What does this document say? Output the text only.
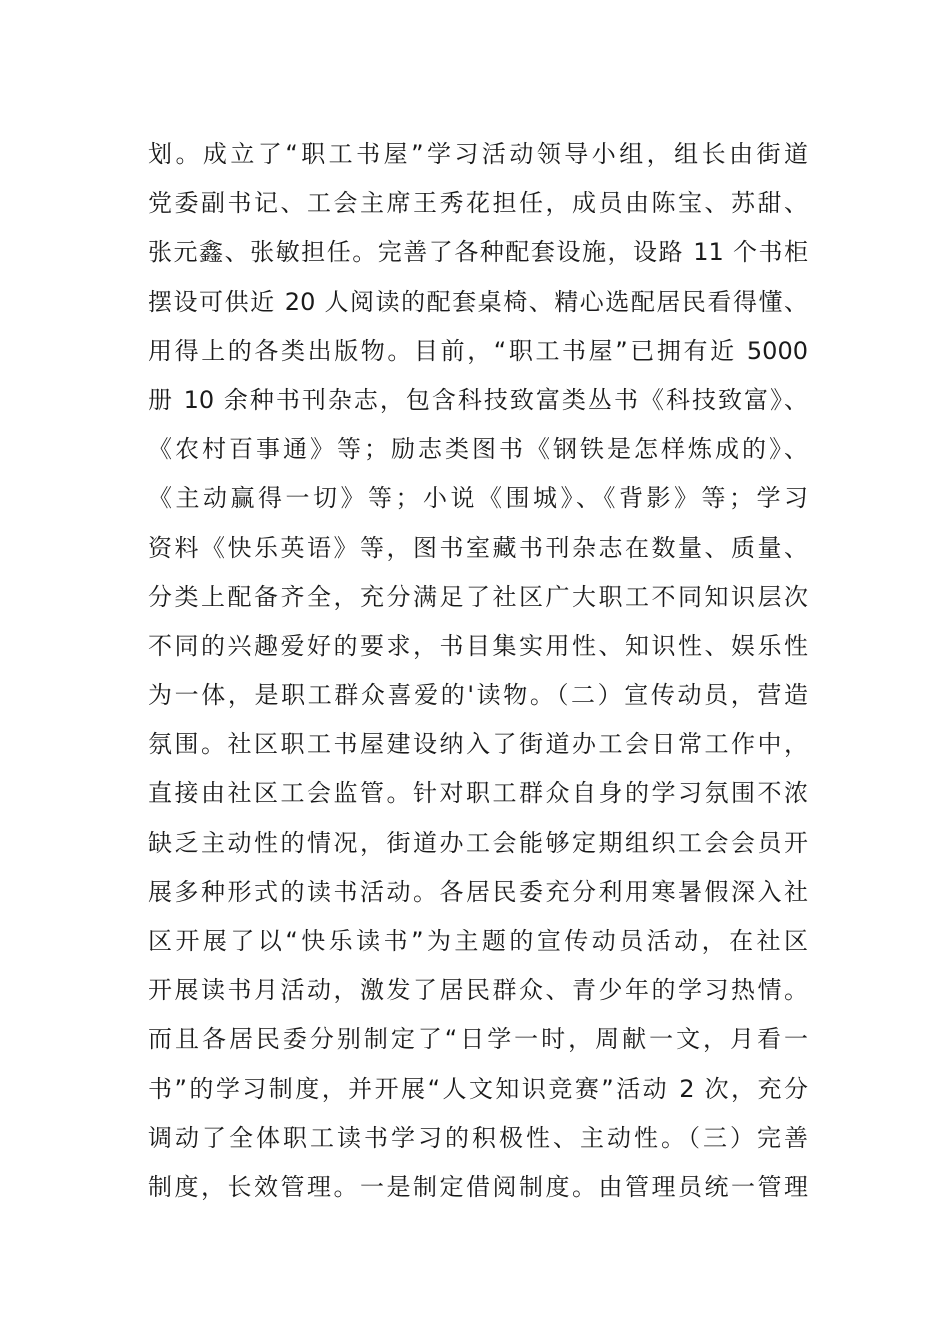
划。成立了“职工书屋”学习活动领导小组，组长由街道
党委副书记、工会主席王秀花担任，成员由陈宝、苏甜、
张元鑫、张敏担任。完善了各种配套设施，设路 11 个书柜
摆设可供近 20 人阅读的配套桌椅、精心选配居民看得懂、
用得上的各类出版物。目前，“职工书屋”已拥有近 5000
册 10 余种书刊杂志，包含科技致富类丛书《科技致富》、
《农村百事通》等；励志类图书《钢铁是怎样炼成的》、
《主动赢得一切》等；小说《围城》、《背影》等；学习
资料《快乐英语》等，图书室藏书刊杂志在数量、质量、
分类上配备齐全，充分满足了社区广大职工不同知识层次
不同的兴趣爱好的要求，书目集实用性、知识性、娱乐性
为一体，是职工群众喜爱的'读物。（二）宣传动员，营造
氛围。社区职工书屋建设纳入了街道办工会日常工作中，
直接由社区工会监管。针对职工群众自身的学习氛围不浓
缺乏主动性的情况，街道办工会能够定期组织工会会员开
展多种形式的读书活动。各居民委充分利用寒暑假深入社
区开展了以“快乐读书”为主题的宣传动员活动，在社区
开展读书月活动，激发了居民群众、青少年的学习热情。
而且各居民委分别制定了“日学一时，周献一文，月看一
书”的学习制度，并开展“人文知识竞赛”活动 2 次，充分
调动了全体职工读书学习的积极性、主动性。（三）完善
制度，长效管理。一是制定借阅制度。由管理员统一管理
